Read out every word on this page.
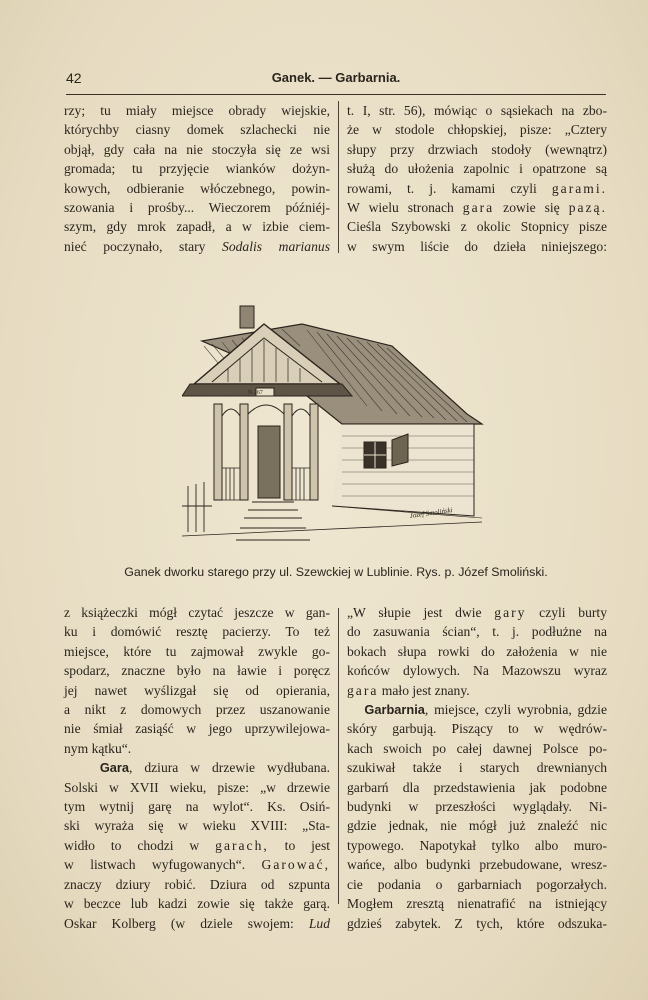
42	Ganek. — Garbarnia.
rzy; tu miały miejsce obrady wiejskie,
którychby ciasny domek szlachecki nie
objął, gdy cała na nie stoczyła się ze wsi
gromada; tu przyjęcie wianków dożyn-
kowych, odbieranie włóczebnego, powin-
szowania i prośby... Wieczorem późniéj-
szym, gdy mrok zapadł, a w izbie ciem-
nieć poczynało, stary Sodalis marianus
t. I, str. 56), mówiąc o sąsiekach na zbo-
że w stodole chłopskiej, pisze: „Cztery
słupy przy drzwiach stodoły (wewnątrz)
służą do ułożenia zapolnic i opatrzone są
rowami, t. j. kamami czyli garami.
W wielu stronach gara zowie się pazą.
Cieśla Szybowski z okolic Stopnicy pisze
w swym liście do dzieła niniejszego:
N 267
Józef Smoliński
Ganek dworku starego przy ul. Szewckiej w Lublinie. Rys. p. Józef Smoliński.
z książeczki mógł czytać jeszcze w gan-
ku i domówić resztę pacierzy. To też
miejsce, które tu zajmował zwykle go-
spodarz, znaczne było na ławie i poręcz
jej nawet wyślizgał się od opierania,
a nikt z domowych przez uszanowanie
nie śmiał zasiąść w jego uprzywilejowa-
nym kątku“.
Gara, dziura w drzewie wydłubana.
Solski w XVII wieku, pisze: „w drzewie
tym wytnij garę na wylot“. Ks. Osiń-
ski wyraża się w wieku XVIII: „Sta-
widło to chodzi w garach, to jest
w listwach wyfugowanych“. Garować,
znaczy dziury robić. Dziura od szpunta
w beczce lub kadzi zowie się także garą.
Oskar Kolberg (w dziele swojem: Lud
„W słupie jest dwie gary czyli burty
do zasuwania ścian“, t. j. podłużne na
bokach słupa rowki do założenia w nie
końców dylowych. Na Mazowszu wyraz
gara mało jest znany.
Garbarnia, miejsce, czyli wyrobnia, gdzie
skóry garbują. Piszący to w wędrów-
kach swoich po całej dawnej Polsce po-
szukiwał także i starych drewnianych
garbarń dla przedstawienia jak podobne
budynki w przeszłości wyglądały. Ni-
gdzie jednak, nie mógł już znaleźć nic
typowego. Napotykał tylko albo muro-
wańce, albo budynki przebudowane, wresz-
cie podania o garbarniach pogorzałych.
Mogłem zresztą nienatrafić na istniejący
gdzieś zabytek. Z tych, które odszuka-
